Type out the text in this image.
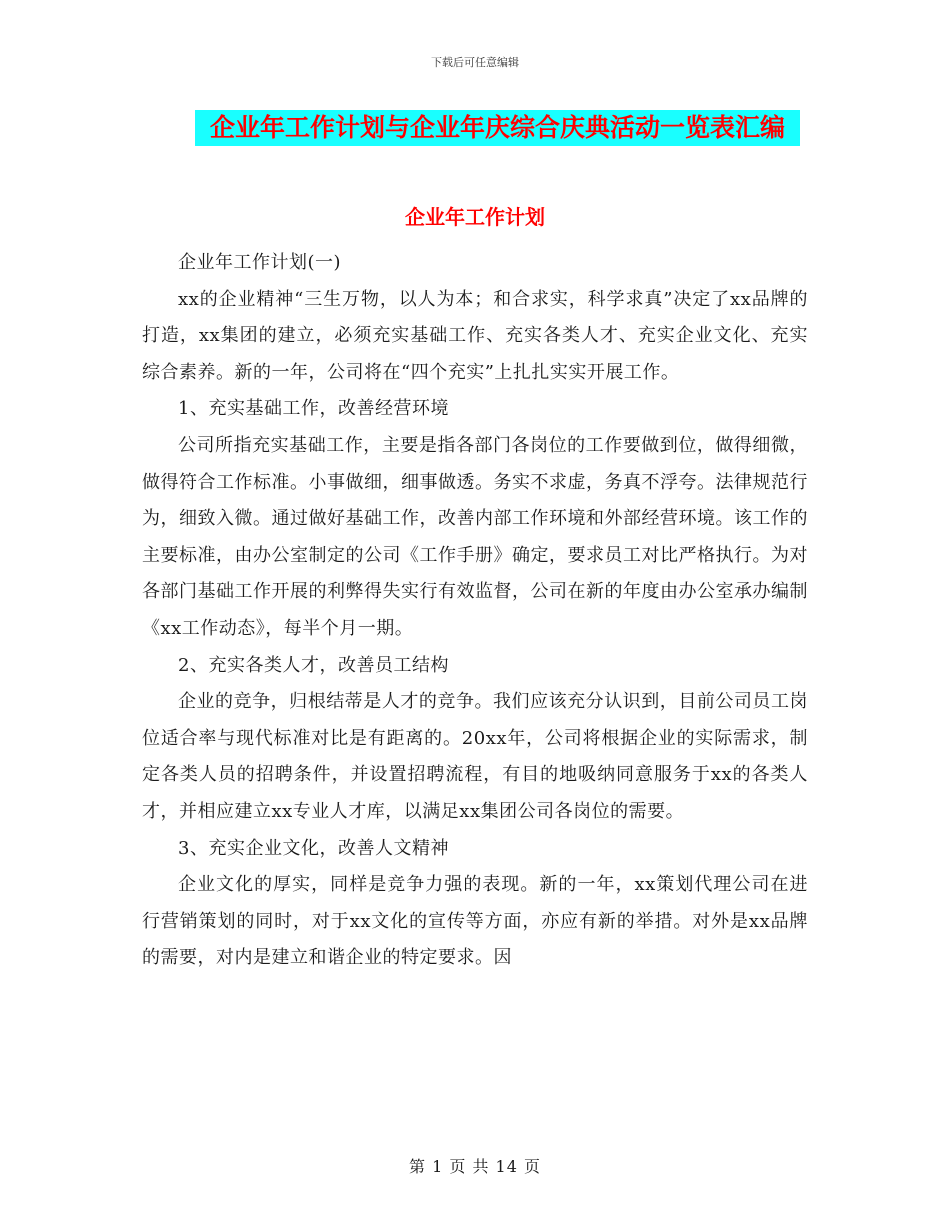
下载后可任意编辑
企业年工作计划与企业年庆综合庆典活动一览表汇编
企业年工作计划

企业年工作计划(一)

xx的企业精神“三生万物，以人为本；和合求实，科学求真”决定了xx品牌的打造，xx集团的建立，必须充实基础工作、充实各类人才、充实企业文化、充实综合素养。新的一年，公司将在“四个充实”上扎扎实实开展工作。

1、充实基础工作，改善经营环境

公司所指充实基础工作，主要是指各部门各岗位的工作要做到位，做得细微，做得符合工作标准。小事做细，细事做透。务实不求虚，务真不浮夸。法律规范行为，细致入微。通过做好基础工作，改善内部工作环境和外部经营环境。该工作的主要标准，由办公室制定的公司《工作手册》确定，要求员工对比严格执行。为对各部门基础工作开展的利弊得失实行有效监督，公司在新的年度由办公室承办编制《xx工作动态》，每半个月一期。

2、充实各类人才，改善员工结构

企业的竞争，归根结蒂是人才的竞争。我们应该充分认识到，目前公司员工岗位适合率与现代标准对比是有距离的。20xx年，公司将根据企业的实际需求，制定各类人员的招聘条件，并设置招聘流程，有目的地吸纳同意服务于xx的各类人才，并相应建立xx专业人才库，以满足xx集团公司各岗位的需要。

3、充实企业文化，改善人文精神

企业文化的厚实，同样是竞争力强的表现。新的一年，xx策划代理公司在进行营销策划的同时，对于xx文化的宣传等方面，亦应有新的举措。对外是xx品牌的需要，对内是建立和谐企业的特定要求。因

第 1 页 共 14 页
